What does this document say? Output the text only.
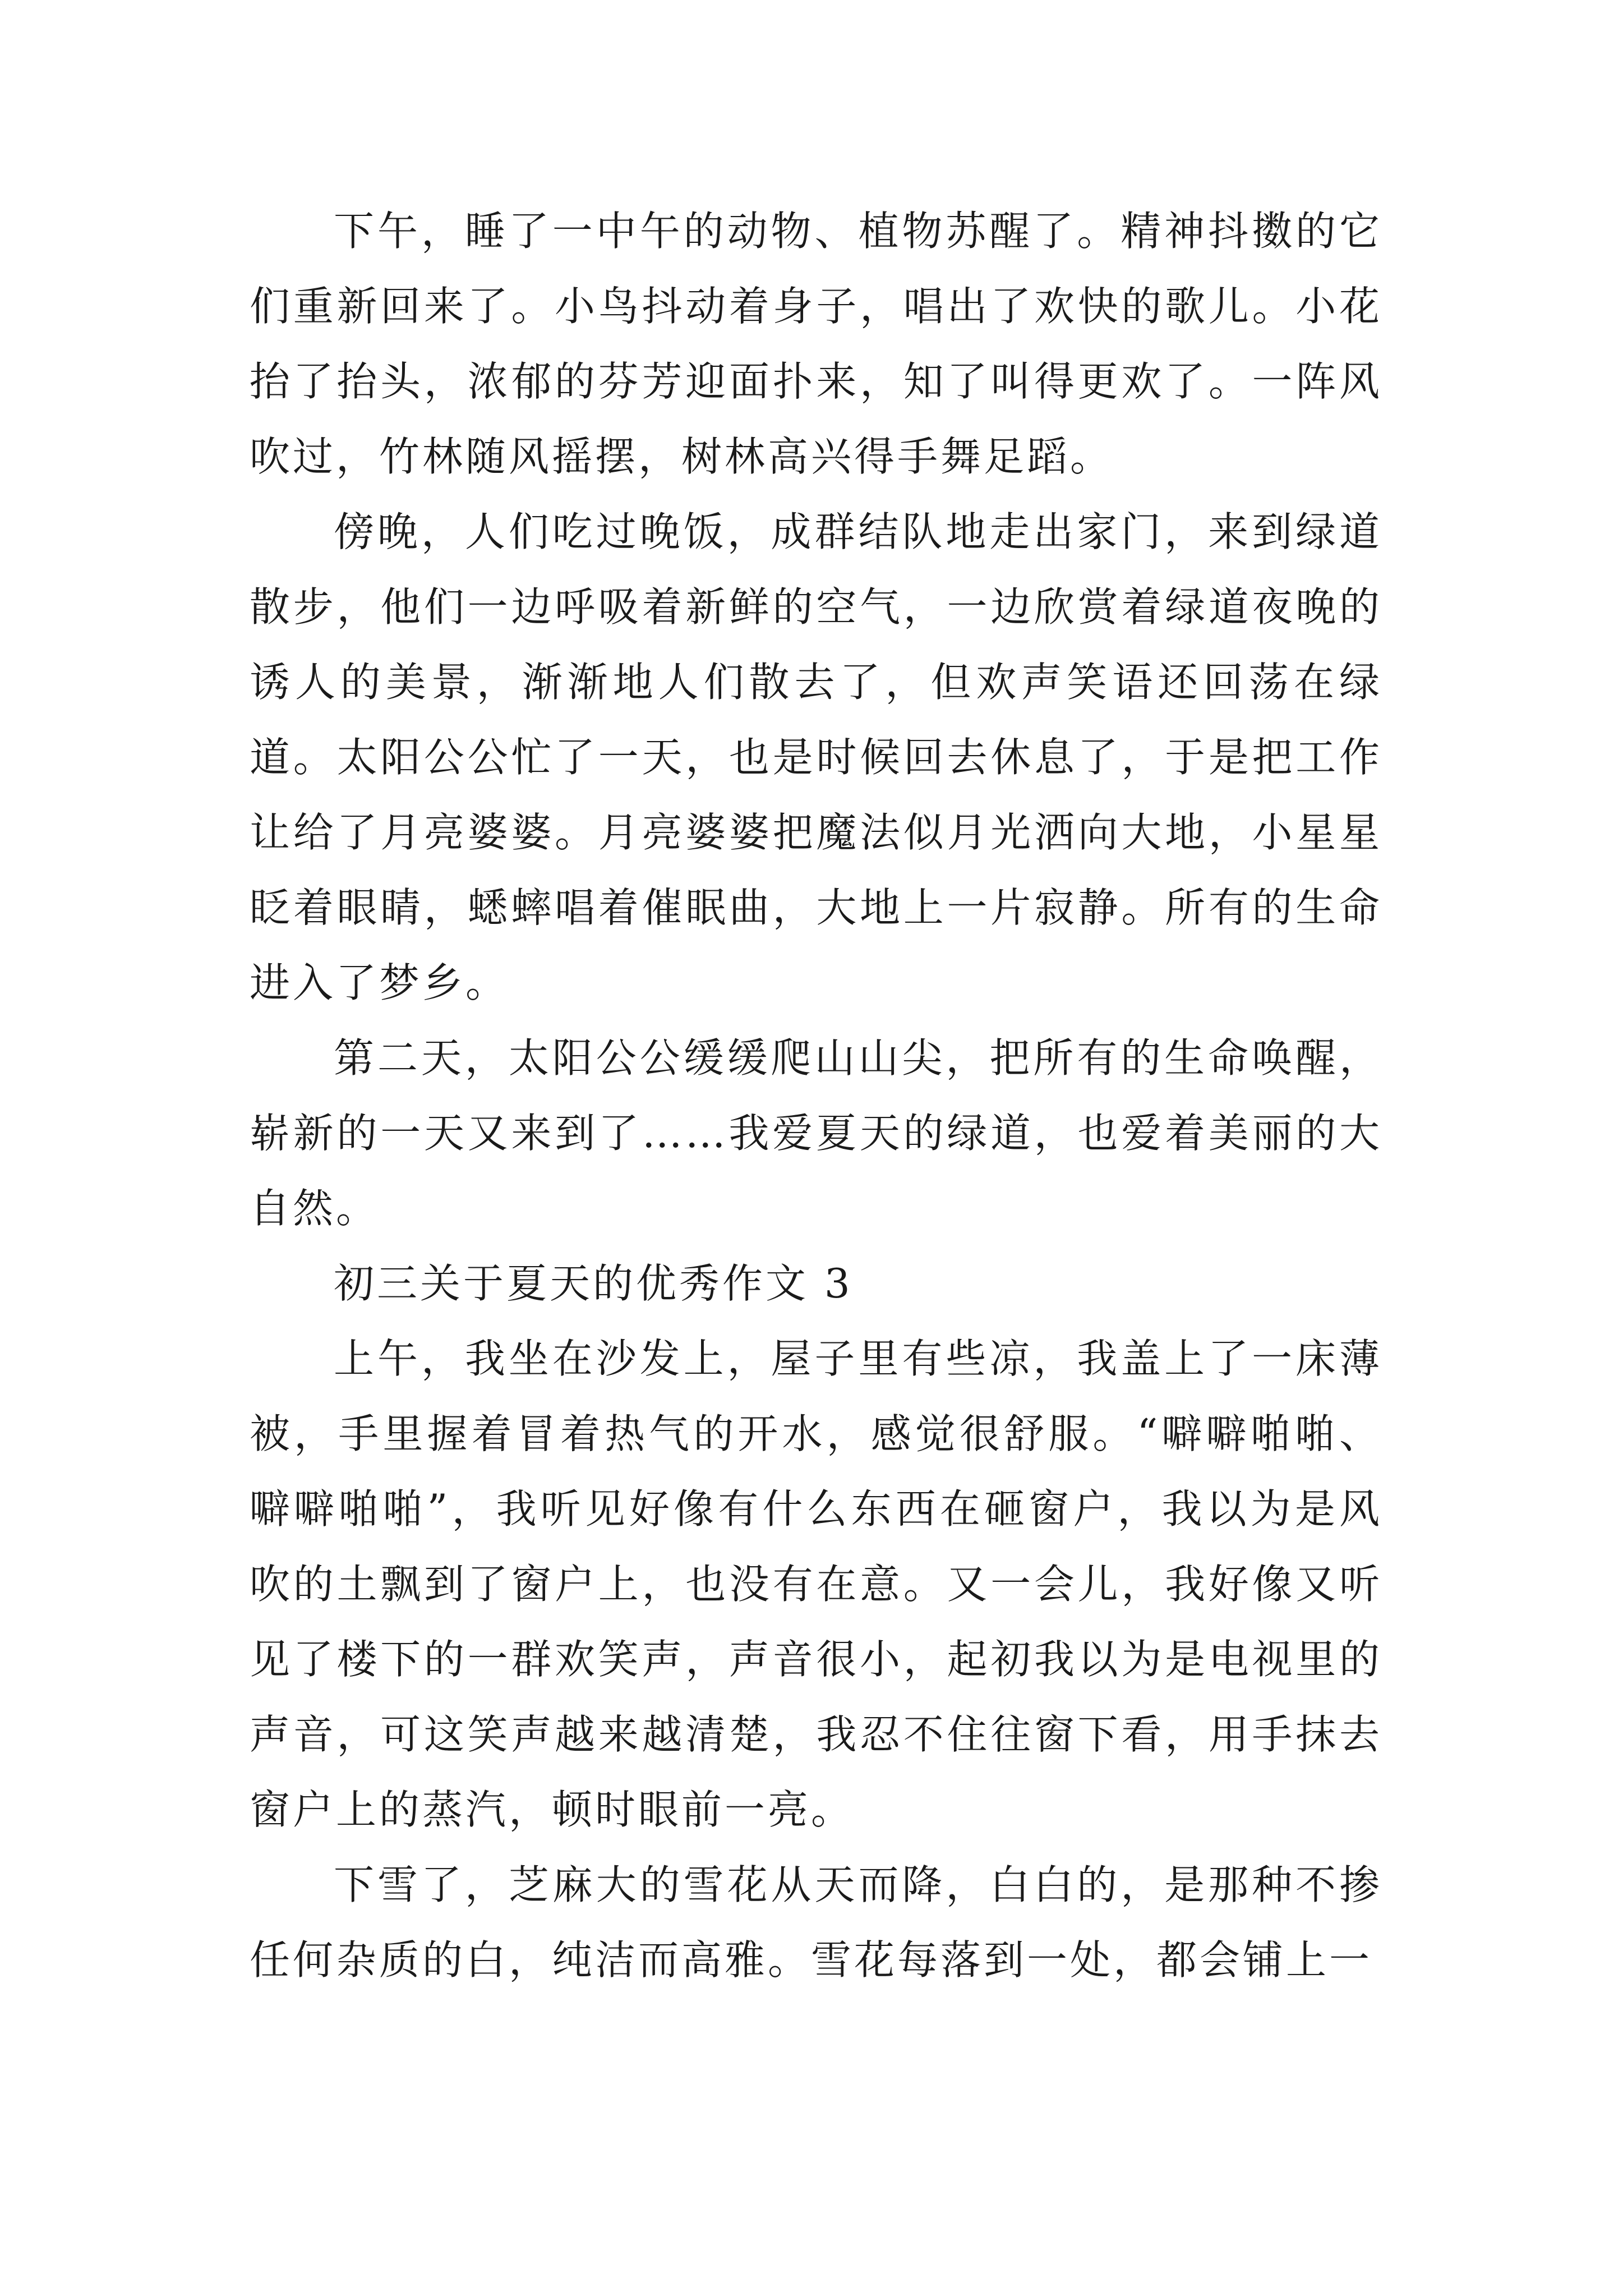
下午，睡了一中午的动物、植物苏醒了。精神抖擞的它们重新回来了。小鸟抖动着身子，唱出了欢快的歌儿。小花抬了抬头，浓郁的芬芳迎面扑来，知了叫得更欢了。一阵风吹过，竹林随风摇摆，树林高兴得手舞足蹈。

傍晚，人们吃过晚饭，成群结队地走出家门，来到绿道散步，他们一边呼吸着新鲜的空气，一边欣赏着绿道夜晚的诱人的美景，渐渐地人们散去了，但欢声笑语还回荡在绿道。太阳公公忙了一天，也是时候回去休息了，于是把工作让给了月亮婆婆。月亮婆婆把魔法似月光洒向大地，小星星眨着眼睛，蟋蟀唱着催眠曲，大地上一片寂静。所有的生命进入了梦乡。

第二天，太阳公公缓缓爬山山尖，把所有的生命唤醒，崭新的一天又来到了……我爱夏天的绿道，也爱着美丽的大自然。

初三关于夏天的优秀作文 3

上午，我坐在沙发上，屋子里有些凉，我盖上了一床薄被，手里握着冒着热气的开水，感觉很舒服。“噼噼啪啪、噼噼啪啪”，我听见好像有什么东西在砸窗户，我以为是风吹的土飘到了窗户上，也没有在意。又一会儿，我好像又听见了楼下的一群欢笑声，声音很小，起初我以为是电视里的声音，可这笑声越来越清楚，我忍不住往窗下看，用手抹去窗户上的蒸汽，顿时眼前一亮。

下雪了，芝麻大的雪花从天而降，白白的，是那种不掺任何杂质的白，纯洁而高雅。雪花每落到一处，都会铺上一
